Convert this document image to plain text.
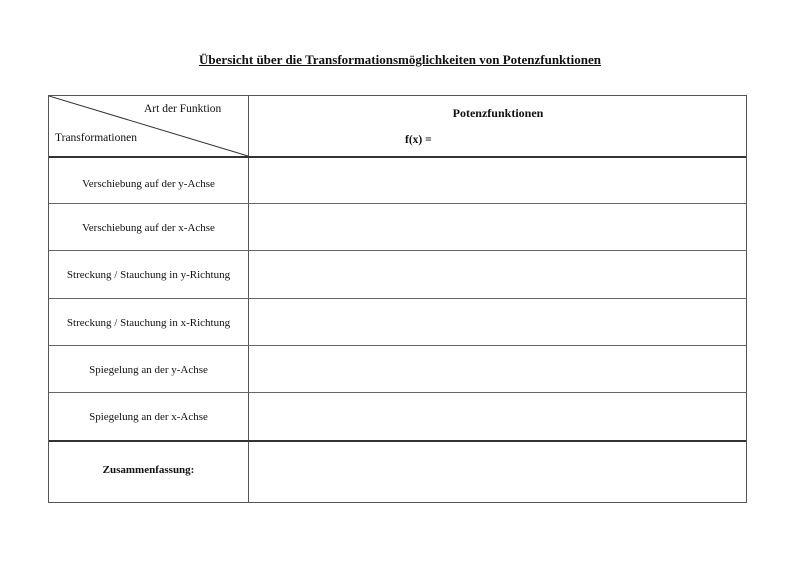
Übersicht über die Transformationsmöglichkeiten von Potenzfunktionen
Art der Funktion
Transformationen
Potenzfunktionen
f(x) =
Verschiebung auf der y-Achse
Verschiebung auf der x-Achse
Streckung / Stauchung in y-Richtung
Streckung / Stauchung in x-Richtung
Spiegelung an der y-Achse
Spiegelung an der x-Achse
Zusammenfassung:
